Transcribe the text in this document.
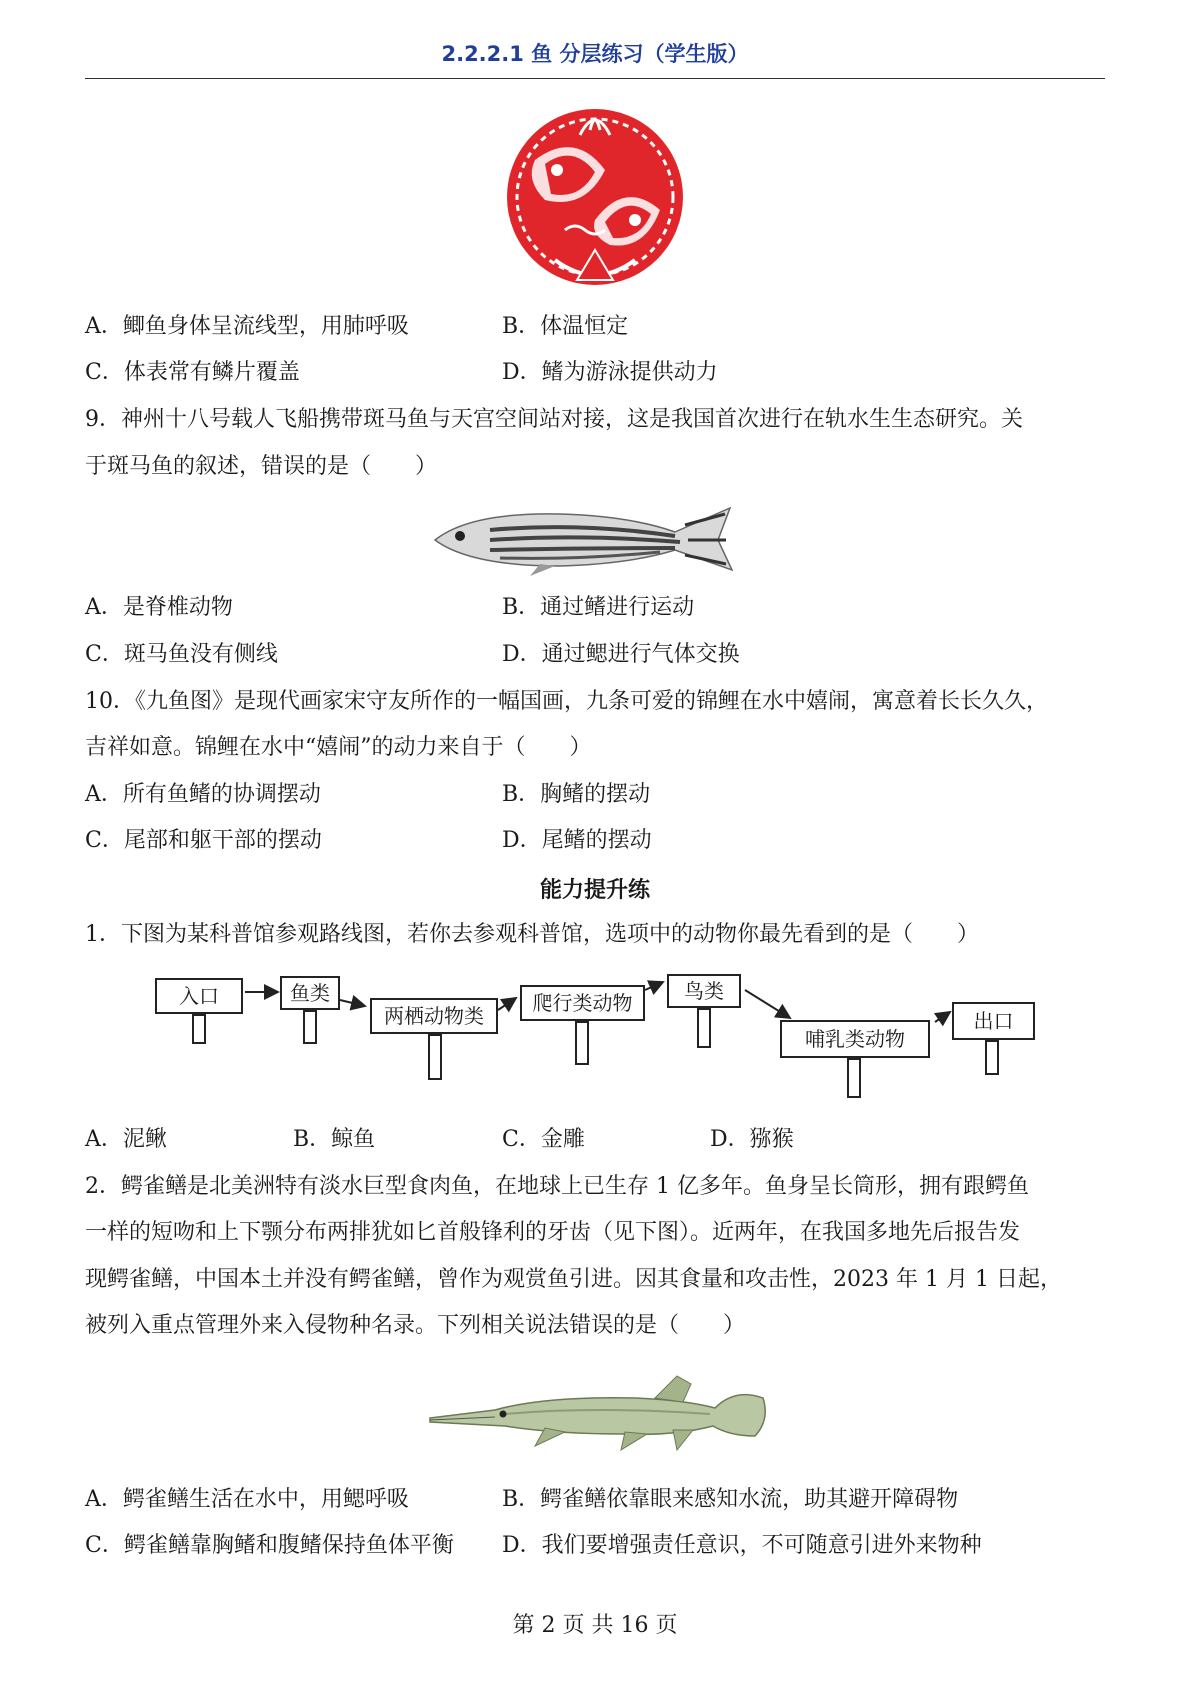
2.2.2.1 鱼 分层练习（学生版）
A．鲫鱼身体呈流线型，用肺呼吸	B．体温恒定
C．体表常有鳞片覆盖	D．鳍为游泳提供动力
9．神州十八号载人飞船携带斑马鱼与天宫空间站对接，这是我国首次进行在轨水生生态研究。关
于斑马鱼的叙述，错误的是（　　）
A．是脊椎动物	B．通过鳍进行运动
C．斑马鱼没有侧线	D．通过鳃进行气体交换
10．《九鱼图》是现代画家宋守友所作的一幅国画，九条可爱的锦鲤在水中嬉闹，寓意着长长久久，
吉祥如意。锦鲤在水中“嬉闹”的动力来自于（　　）
A．所有鱼鳍的协调摆动	B．胸鳍的摆动
C．尾部和躯干部的摆动	D．尾鳍的摆动
能力提升练
1．下图为某科普馆参观路线图，若你去参观科普馆，选项中的动物你最先看到的是（　　）
入口	鱼类
两栖动物类
爬行类动物	鸟类
哺乳类动物
出口
A．泥鳅	B．鲸鱼	C．金雕	D．猕猴
2．鳄雀鳝是北美洲特有淡水巨型食肉鱼，在地球上已生存 1 亿多年。鱼身呈长筒形，拥有跟鳄鱼
一样的短吻和上下颚分布两排犹如匕首般锋利的牙齿（见下图）。近两年，在我国多地先后报告发
现鳄雀鳝，中国本土并没有鳄雀鳝，曾作为观赏鱼引进。因其食量和攻击性，2023 年 1 月 1 日起，
被列入重点管理外来入侵物种名录。下列相关说法错误的是（　　）
A．鳄雀鳝生活在水中，用鳃呼吸	B．鳄雀鳝依靠眼来感知水流，助其避开障碍物
C．鳄雀鳝靠胸鳍和腹鳍保持鱼体平衡 D．我们要增强责任意识，不可随意引进外来物种
第 2 页 共 16 页
